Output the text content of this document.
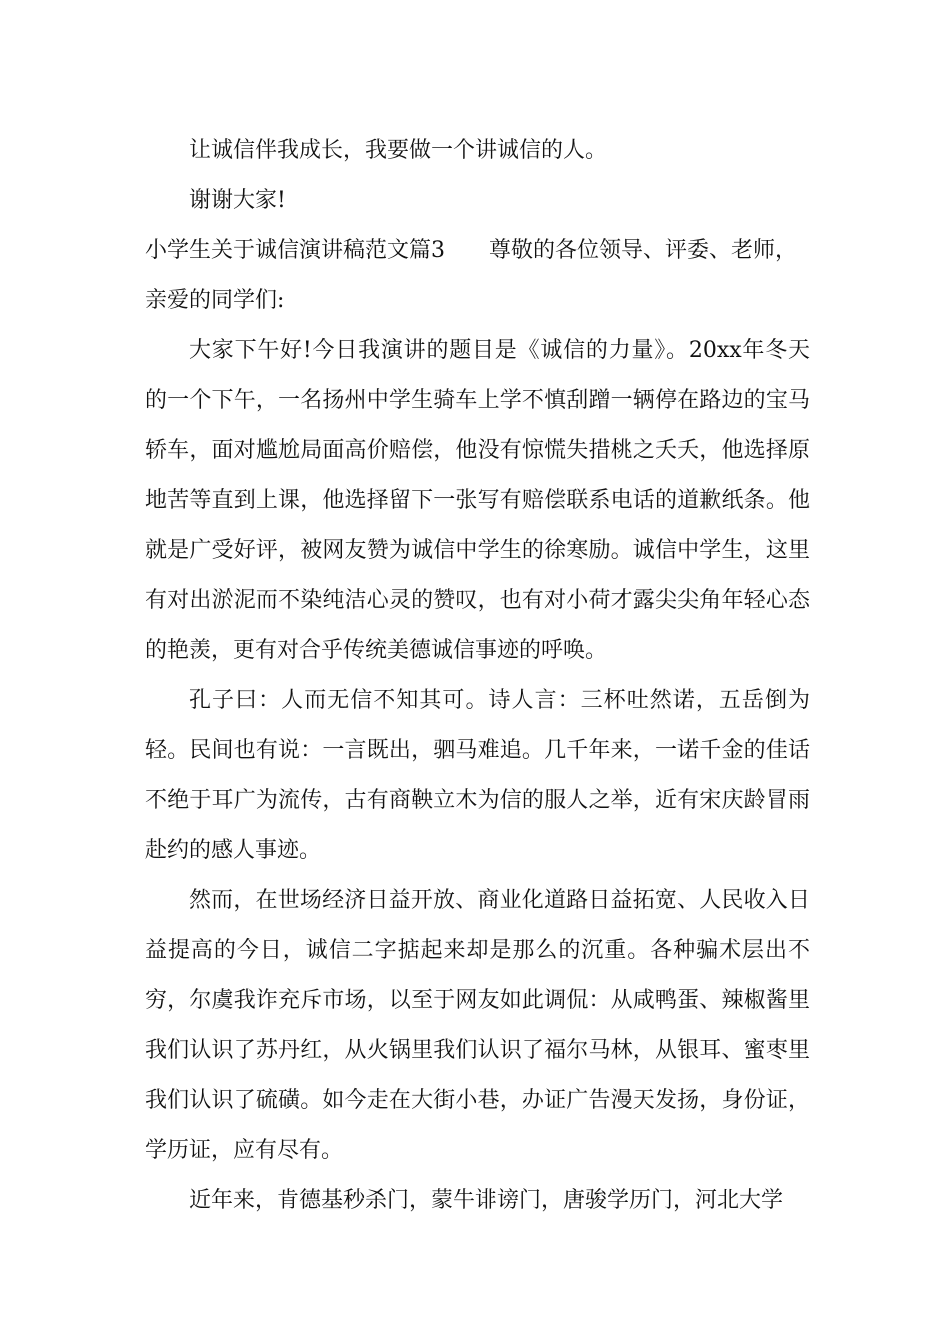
让诚信伴我成长，我要做一个讲诚信的人。

谢谢大家!

小学生关于诚信演讲稿范文篇3 尊敬的各位领导、评委、老师，

亲爱的同学们:

大家下午好!今日我演讲的题目是《诚信的力量》。20xx年冬天的一个下午，一名扬州中学生骑车上学不慎刮蹭一辆停在路边的宝马轿车，面对尴尬局面高价赔偿，他没有惊慌失措桃之夭夭，他选择原地苦等直到上课，他选择留下一张写有赔偿联系电话的道歉纸条。他就是广受好评，被网友赞为诚信中学生的徐寒励。诚信中学生，这里有对出淤泥而不染纯洁心灵的赞叹，也有对小荷才露尖尖角年轻心态的艳羡，更有对合乎传统美德诚信事迹的呼唤。

孔子曰：人而无信不知其可。诗人言：三杯吐然诺，五岳倒为轻。民间也有说：一言既出，驷马难追。几千年来，一诺千金的佳话不绝于耳广为流传，古有商鞅立木为信的服人之举，近有宋庆龄冒雨赴约的感人事迹。

然而，在世场经济日益开放、商业化道路日益拓宽、人民收入日益提高的今日，诚信二字掂起来却是那么的沉重。各种骗术层出不穷，尔虞我诈充斥市场，以至于网友如此调侃：从咸鸭蛋、辣椒酱里我们认识了苏丹红，从火锅里我们认识了福尔马林，从银耳、蜜枣里我们认识了硫磺。如今走在大街小巷，办证广告漫天发扬，身份证，学历证，应有尽有。

近年来，肯德基秒杀门，蒙牛诽谤门，唐骏学历门，河北大学
